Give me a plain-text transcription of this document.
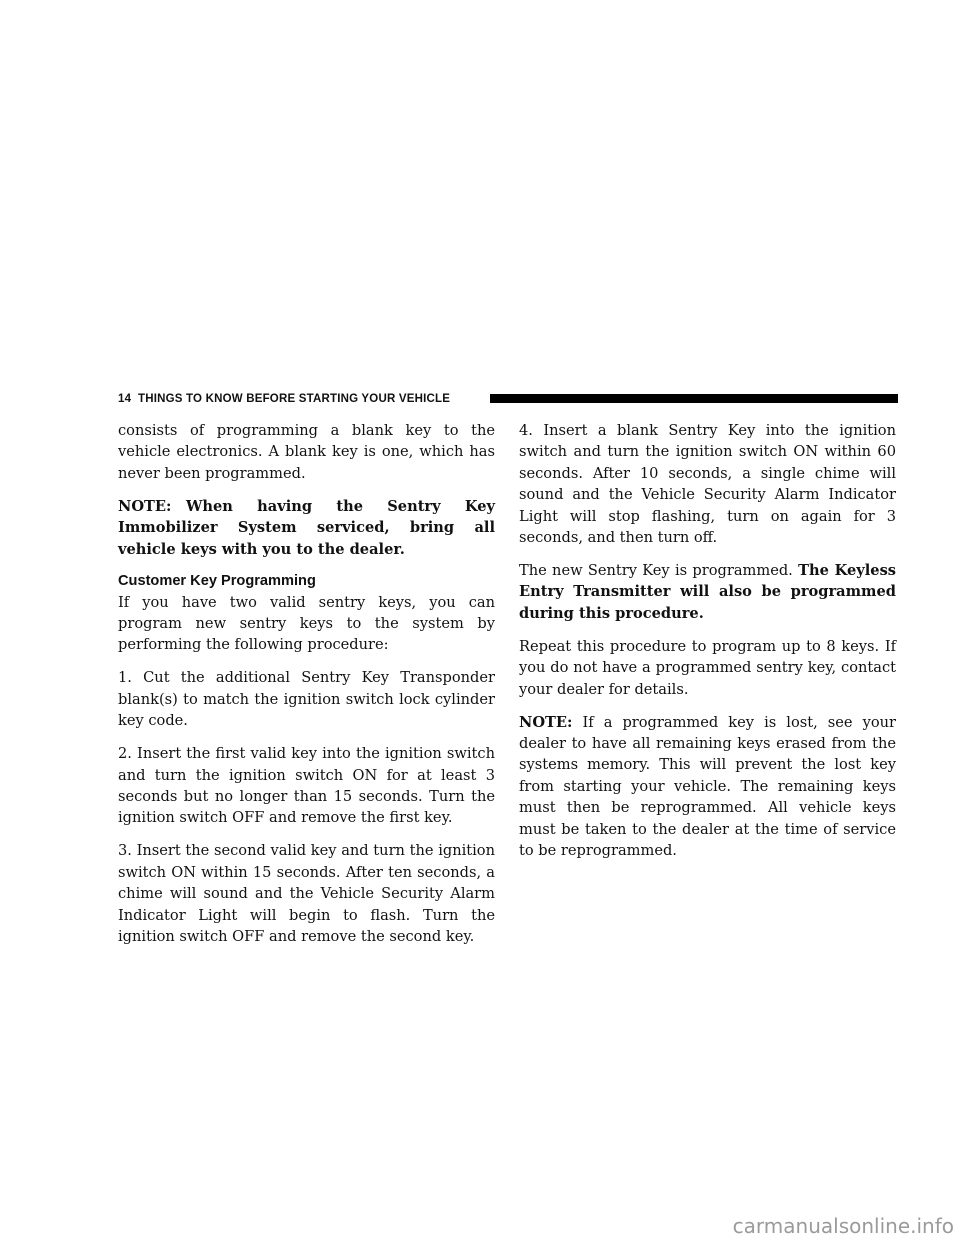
14 THINGS TO KNOW BEFORE STARTING YOUR VEHICLE

consists of programming a blank key to the vehicle electronics. A blank key is one, which has never been programmed.

NOTE: When having the Sentry Key Immobilizer System serviced, bring all vehicle keys with you to the dealer.

Customer Key Programming

If you have two valid sentry keys, you can program new sentry keys to the system by performing the following procedure:

1. Cut the additional Sentry Key Transponder blank(s) to match the ignition switch lock cylinder key code.

2. Insert the first valid key into the ignition switch and turn the ignition switch ON for at least 3 seconds but no longer than 15 seconds. Turn the ignition switch OFF and remove the first key.

3. Insert the second valid key and turn the ignition switch ON within 15 seconds. After ten seconds, a chime will sound and the Vehicle Security Alarm Indicator Light will begin to flash. Turn the ignition switch OFF and remove the second key.

4. Insert a blank Sentry Key into the ignition switch and turn the ignition switch ON within 60 seconds. After 10 seconds, a single chime will sound and the Vehicle Security Alarm Indicator Light will stop flashing, turn on again for 3 seconds, and then turn off.

The new Sentry Key is programmed. The Keyless Entry Transmitter will also be programmed during this procedure.

Repeat this procedure to program up to 8 keys. If you do not have a programmed sentry key, contact your dealer for details.

NOTE: If a programmed key is lost, see your dealer to have all remaining keys erased from the systems memory. This will prevent the lost key from starting your vehicle. The remaining keys must then be reprogrammed. All vehicle keys must be taken to the dealer at the time of service to be reprogrammed.

carmanualsonline.info
